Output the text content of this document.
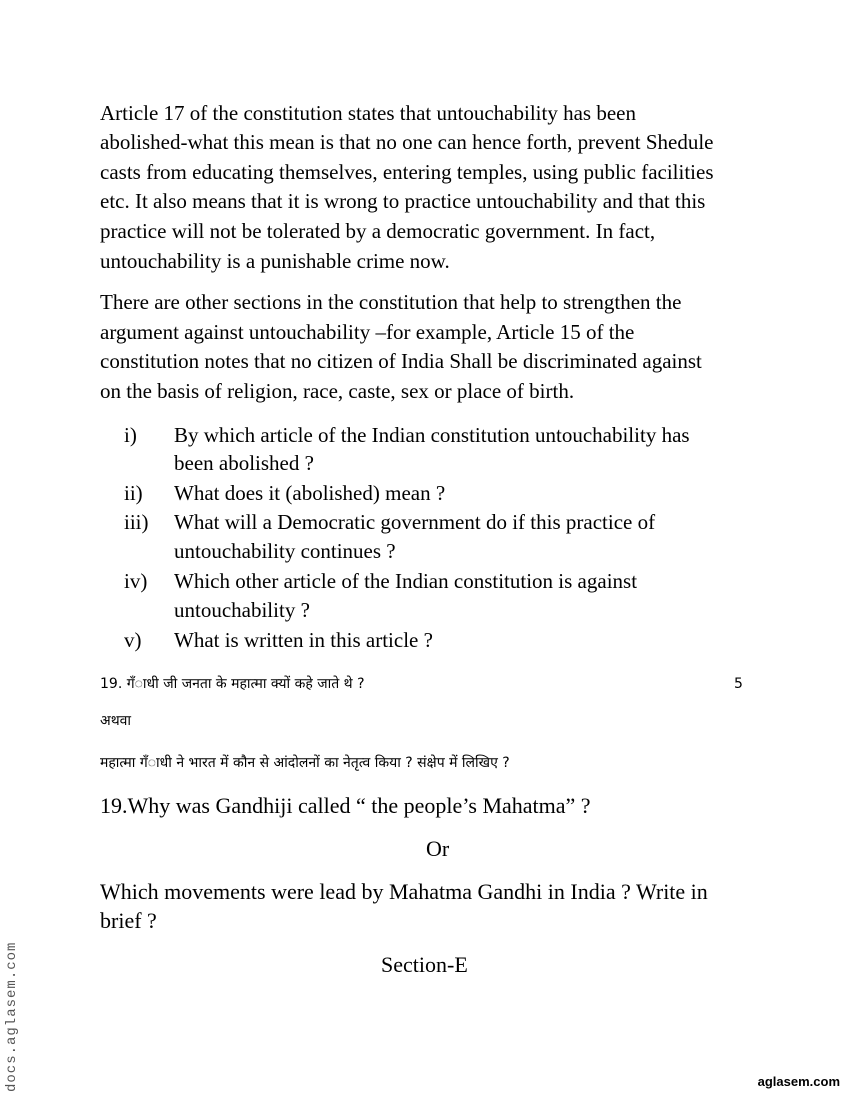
Article 17 of the constitution states that untouchability has been
abolished-what this mean is that no one can hence forth, prevent Shedule
casts from educating themselves, entering temples, using public facilities
etc. It also means that it is wrong to practice untouchability and that this
practice will not be tolerated by a democratic government. In fact,
untouchability is a punishable crime now.
There are other sections in the constitution that help to strengthen the
argument against untouchability –for example, Article 15 of the
constitution notes that no citizen of India Shall be discriminated against
on the basis of religion, race, caste, sex or place of birth.
i) By which article of the Indian constitution untouchability has
been abolished ?
ii) What does it (abolished) mean ?
iii) What will a Democratic government do if this practice of
untouchability continues ?
iv) Which other article of the Indian constitution is against
untouchability ?
v) What is written in this article ?
19. गँाधी जी जनता के महात्मा क्यों कहे जाते थे ?	5
अथवा
महात्मा गँाधी ने भारत में कौन से आंदोलनों का नेतृत्व किया ? संक्षेप में लिखिए ?
19.Why was Gandhiji called “ the people’s Mahatma” ?
Or
Which movements were lead by Mahatma Gandhi in India ? Write in
brief ?
Section-E
docs.aglasem.com	aglasem.com
